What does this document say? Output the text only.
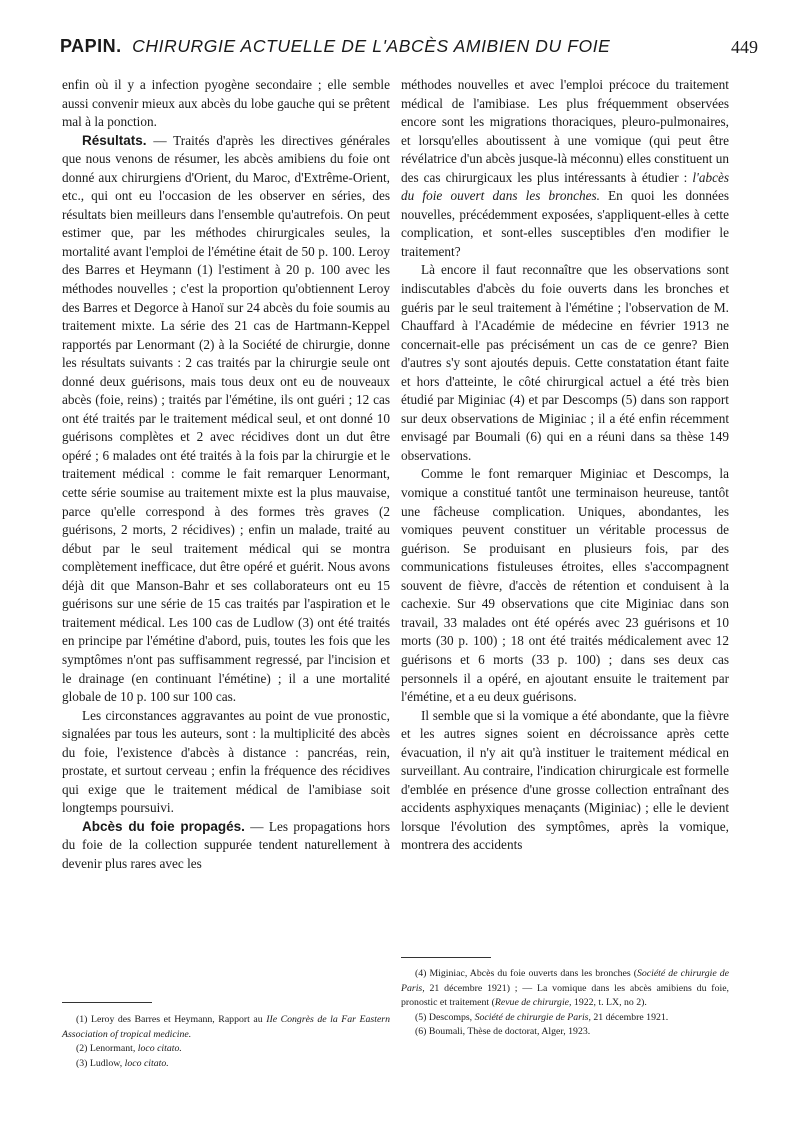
PAPIN. CHIRURGIE ACTUELLE DE L'ABCÈS AMIBIEN DU FOIE	449

enfin où il y a infection pyogène secondaire ; elle semble aussi convenir mieux aux abcès du lobe gauche qui se prêtent mal à la ponction.

Résultats. — Traités d'après les directives générales que nous venons de résumer, les abcès amibiens du foie ont donné aux chirurgiens d'Orient, du Maroc, d'Extrême-Orient, etc., qui ont eu l'occasion de les observer en séries, des résultats bien meilleurs dans l'ensemble qu'autrefois. On peut estimer que, par les méthodes chirurgicales seules, la mortalité avant l'emploi de l'émétine était de 50 p. 100. Leroy des Barres et Heymann (1) l'estiment à 20 p. 100 avec les méthodes nouvelles ; c'est la proportion qu'obtiennent Leroy des Barres et Degorce à Hanoï sur 24 abcès du foie soumis au traitement mixte. La série des 21 cas de Hartmann-Keppel rapportés par Lenormant (2) à la Société de chirurgie, donne les résultats suivants : 2 cas traités par la chirurgie seule ont donné deux guérisons, mais tous deux ont eu de nouveaux abcès (foie, reins) ; traités par l'émétine, ils ont guéri ; 12 cas ont été traités par le traitement médical seul, et ont donné 10 guérisons complètes et 2 avec récidives dont un dut être opéré ; 6 malades ont été traités à la fois par la chirurgie et le traitement médical : comme le fait remarquer Lenormant, cette série soumise au traitement mixte est la plus mauvaise, parce qu'elle correspond à des formes très graves (2 guérisons, 2 morts, 2 récidives) ; enfin un malade, traité au début par le seul traitement médical qui se montra complètement inefficace, dut être opéré et guérit. Nous avons déjà dit que Manson-Bahr et ses collaborateurs ont eu 15 guérisons sur une série de 15 cas traités par l'aspiration et le traitement médical. Les 100 cas de Ludlow (3) ont été traités en principe par l'émétine d'abord, puis, toutes les fois que les symptômes n'ont pas suffisamment regressé, par l'incision et le drainage (en continuant l'émétine) ; il a une mortalité globale de 10 p. 100 sur 100 cas.

Les circonstances aggravantes au point de vue pronostic, signalées par tous les auteurs, sont : la multiplicité des abcès du foie, l'existence d'abcès à distance : pancréas, rein, prostate, et surtout cerveau ; enfin la fréquence des récidives qui exige que le traitement médical de l'amibiase soit longtemps poursuivi.

Abcès du foie propagés. — Les propagations hors du foie de la collection suppurée tendent naturellement à devenir plus rares avec les

méthodes nouvelles et avec l'emploi précoce du traitement médical de l'amibiase. Les plus fréquemment observées encore sont les migrations thoraciques, pleuro-pulmonaires, et lorsqu'elles aboutissent à une vomique (qui peut être révélatrice d'un abcès jusque-là méconnu) elles constituent un des cas chirurgicaux les plus intéressants à étudier : l'abcès du foie ouvert dans les bronches. En quoi les données nouvelles, précédemment exposées, s'appliquent-elles à cette complication, et sont-elles susceptibles d'en modifier le traitement?

Là encore il faut reconnaître que les observations sont indiscutables d'abcès du foie ouverts dans les bronches et guéris par le seul traitement à l'émétine ; l'observation de M. Chauffard à l'Académie de médecine en février 1913 ne concernait-elle pas précisément un cas de ce genre? Bien d'autres s'y sont ajoutés depuis. Cette constatation étant faite et hors d'atteinte, le côté chirurgical actuel a été très bien étudié par Miginiac (4) et par Descomps (5) dans son rapport sur deux observations de Miginiac ; il a été enfin récemment envisagé par Boumali (6) qui en a réuni dans sa thèse 149 observations.

Comme le font remarquer Miginiac et Descomps, la vomique a constitué tantôt une terminaison heureuse, tantôt une fâcheuse complication. Uniques, abondantes, les vomiques peuvent constituer un véritable processus de guérison. Se produisant en plusieurs fois, par des communications fistuleuses étroites, elles s'accompagnent souvent de fièvre, d'accès de rétention et conduisent à la cachexie. Sur 49 observations que cite Miginiac dans son travail, 33 malades ont été opérés avec 23 guérisons et 10 morts (30 p. 100) ; 18 ont été traités médicalement avec 12 guérisons et 6 morts (33 p. 100) ; dans ses deux cas personnels il a opéré, en ajoutant ensuite le traitement par l'émétine, et a eu deux guérisons.

Il semble que si la vomique a été abondante, que la fièvre et les autres signes soient en décroissance après cette évacuation, il n'y ait qu'à instituer le traitement médical en surveillant. Au contraire, l'indication chirurgicale est formelle d'emblée en présence d'une grosse collection entraînant des accidents asphyxiques menaçants (Miginiac) ; elle le devient lorsque l'évolution des symptômes, après la vomique, montrera des accidents

(1) Leroy des Barres et Heymann, Rapport au IIe Congrès de la Far Eastern Association of tropical medicine.

(2) Lenormant, loco citato.

(3) Ludlow, loco citato.

(4) Miginiac, Abcès du foie ouverts dans les bronches (Société de chirurgie de Paris, 21 décembre 1921) ; — La vomique dans les abcès amibiens du foie, pronostic et traitement (Revue de chirurgie, 1922, t. LX, no 2).

(5) Descomps, Société de chirurgie de Paris, 21 décembre 1921.

(6) Boumali, Thèse de doctorat, Alger, 1923.
